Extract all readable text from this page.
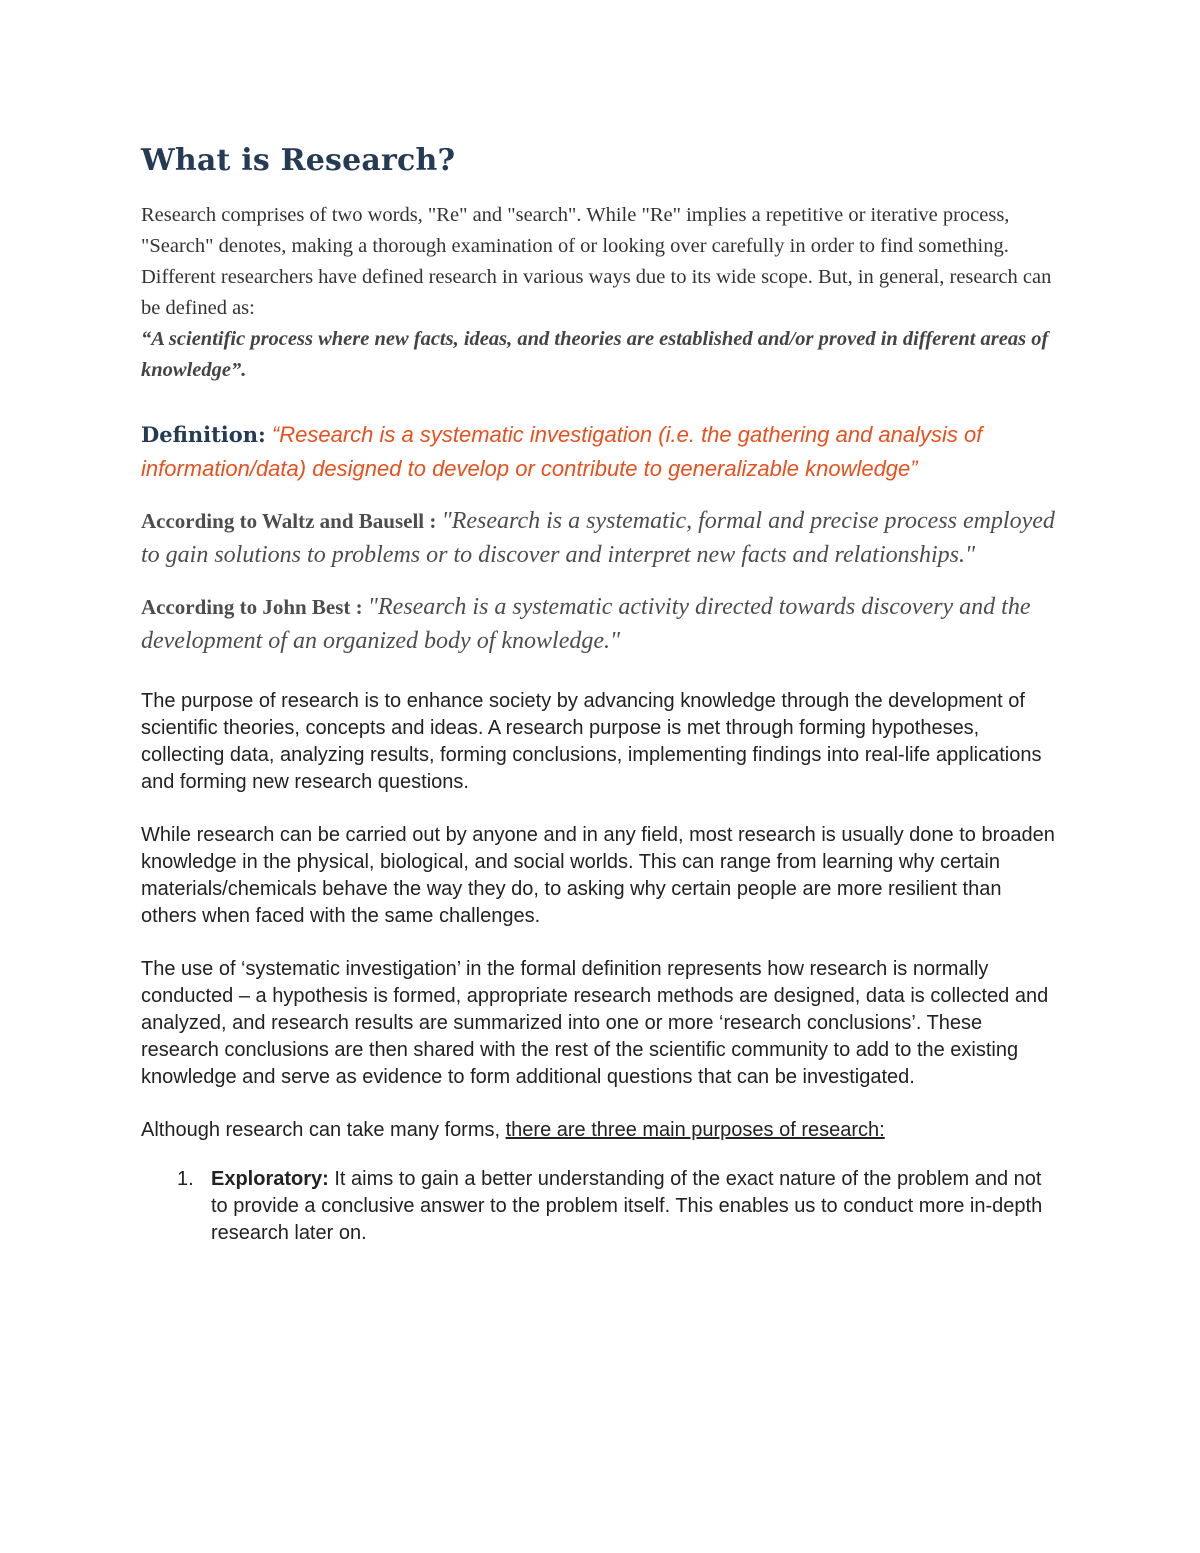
What is Research?

Research comprises of two words, "Re" and "search". While "Re" implies a repetitive or iterative process, "Search" denotes, making a thorough examination of or looking over carefully in order to find something.

Different researchers have defined research in various ways due to its wide scope. But, in general, research can be defined as:

“A scientific process where new facts, ideas, and theories are established and/or proved in different areas of knowledge”.

Definition: “Research is a systematic investigation (i.e. the gathering and analysis of information/data) designed to develop or contribute to generalizable knowledge”
According to Waltz and Bausell : "Research is a systematic, formal and precise process employed to gain solutions to problems or to discover and interpret new facts and relationships."
According to John Best : "Research is a systematic activity directed towards discovery and the development of an organized body of knowledge."

The purpose of research is to enhance society by advancing knowledge through the development of scientific theories, concepts and ideas. A research purpose is met through forming hypotheses, collecting data, analyzing results, forming conclusions, implementing findings into real-life applications and forming new research questions.

While research can be carried out by anyone and in any field, most research is usually done to broaden knowledge in the physical, biological, and social worlds. This can range from learning why certain materials/chemicals behave the way they do, to asking why certain people are more resilient than others when faced with the same challenges.

The use of ‘systematic investigation’ in the formal definition represents how research is normally conducted – a hypothesis is formed, appropriate research methods are designed, data is collected and analyzed, and research results are summarized into one or more ‘research conclusions’. These research conclusions are then shared with the rest of the scientific community to add to the existing knowledge and serve as evidence to form additional questions that can be investigated.

Although research can take many forms, there are three main purposes of research:

1. Exploratory: It aims to gain a better understanding of the exact nature of the problem and not to provide a conclusive answer to the problem itself. This enables us to conduct more in-depth research later on.
